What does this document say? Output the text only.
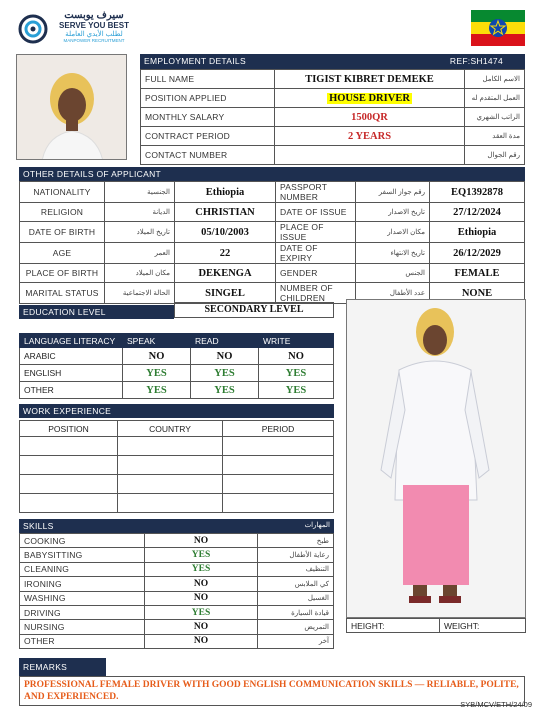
سيرف يوبست
SERVE YOU BEST
لطلب الأيدي العاملة
MANPOWER RECRUITMENT
EMPLOYMENT DETAILS	REF:SH1474
FULL NAME	TIGIST KIBRET DEMEKE	الاسم الكامل
POSITION APPLIED	HOUSE DRIVER	العمل المتقدم له
MONTHLY SALARY	1500QR	الراتب الشهري
CONTRACT PERIOD	2 YEARS	مدة العقد
CONTACT NUMBER		رقم الجوال
OTHER DETAILS OF APPLICANT
NATIONALITY	الجنسية	Ethiopia	PASSPORT NUMBER	رقم جواز السفر	EQ1392878
RELIGION	الديانة	CHRISTIAN	DATE OF ISSUE	تاريخ الاصدار	27/12/2024
DATE OF BIRTH	تاريخ الميلاد	05/10/2003	PLACE OF ISSUE	مكان الاصدار	Ethiopia
AGE	العمر	22	DATE OF EXPIRY	تاريخ الانتهاء	26/12/2029
PLACE OF BIRTH	مكان الميلاد	DEKENGA	GENDER	الجنس	FEMALE
MARITAL STATUS	الحالة الاجتماعية	SINGEL	NUMBER OF CHILDREN	عدد الأطفال	NONE
EDUCATION LEVEL	SECONDARY LEVEL
LANGUAGE LITERACY	SPEAK	READ	WRITE
ARABIC	NO	NO	NO
ENGLISH	YES	YES	YES
OTHER	YES	YES	YES
WORK EXPERIENCE
POSITION	COUNTRY	PERIOD

SKILLS	المهارات
COOKING	NO	طبخ
BABYSITTING	YES	رعاية الأطفال
CLEANING	YES	التنظيف
IRONING	NO	كي الملابس
WASHING	NO	الغسيل
DRIVING	YES	قيادة السيارة
NURSING	NO	التمريض
OTHER	NO	آخر
HEIGHT:	WEIGHT:
REMARKS
PROFESSIONAL FEMALE DRIVER WITH GOOD ENGLISH COMMUNICATION SKILLS — RELIABLE, POLITE, AND EXPERIENCED.
SYB/MCV/ETH/24/09
